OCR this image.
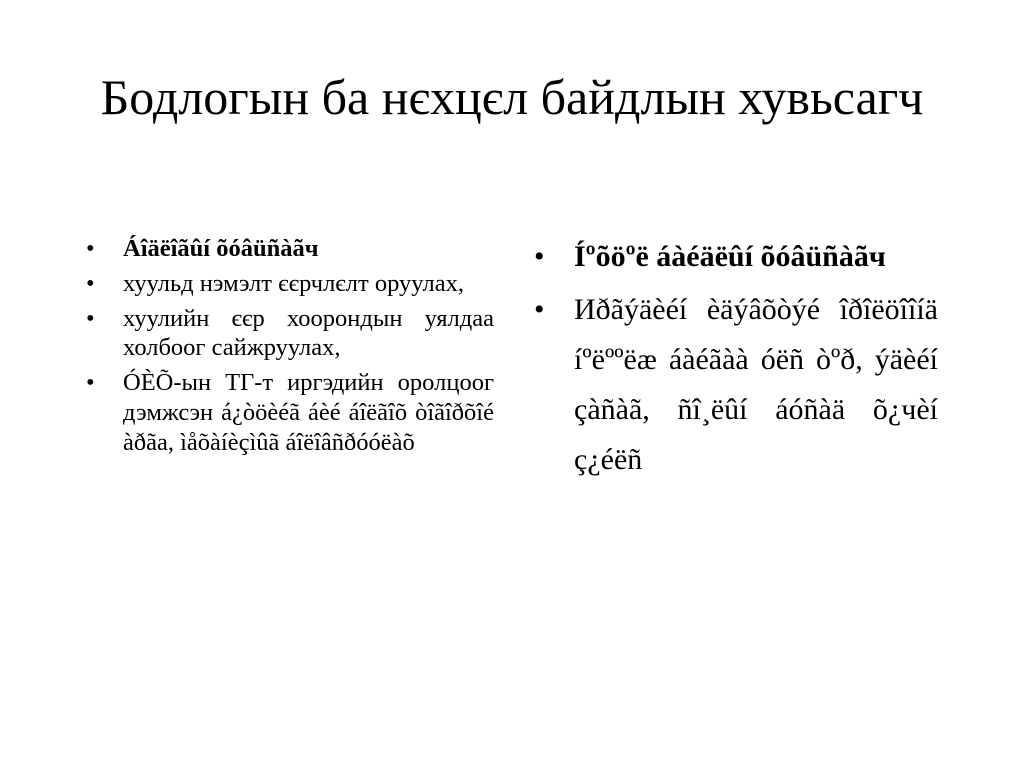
Бодлогын ба нєхцєл байдлын хувьсагч
• Áîäëîãûí õóâüñàãч
• хуульд нэмэлт єєрчлєлт оруулах,
• хуулийн єєр хоорондын уялдаа холбоог сайжруулах,
• ÓÈÕ-ын ТГ-т иргэдийн оролцоог дэмжсэн á¿òöèéã áèé áîëãîõ òîãîðõîé àðãа, ìåõàíèçìûã áîëîâñðóóëàõ
• Íºõöºë áàéäëûí õóâüñàãч
• Иðãýäèéí èäýâõòýé îðîëöîîíä íºëººëæ áàéãàà óëñ òºð, ýäèéí çàñàã, ñî¸ëûí áóñàä õ¿чèí ç¿éëñ
